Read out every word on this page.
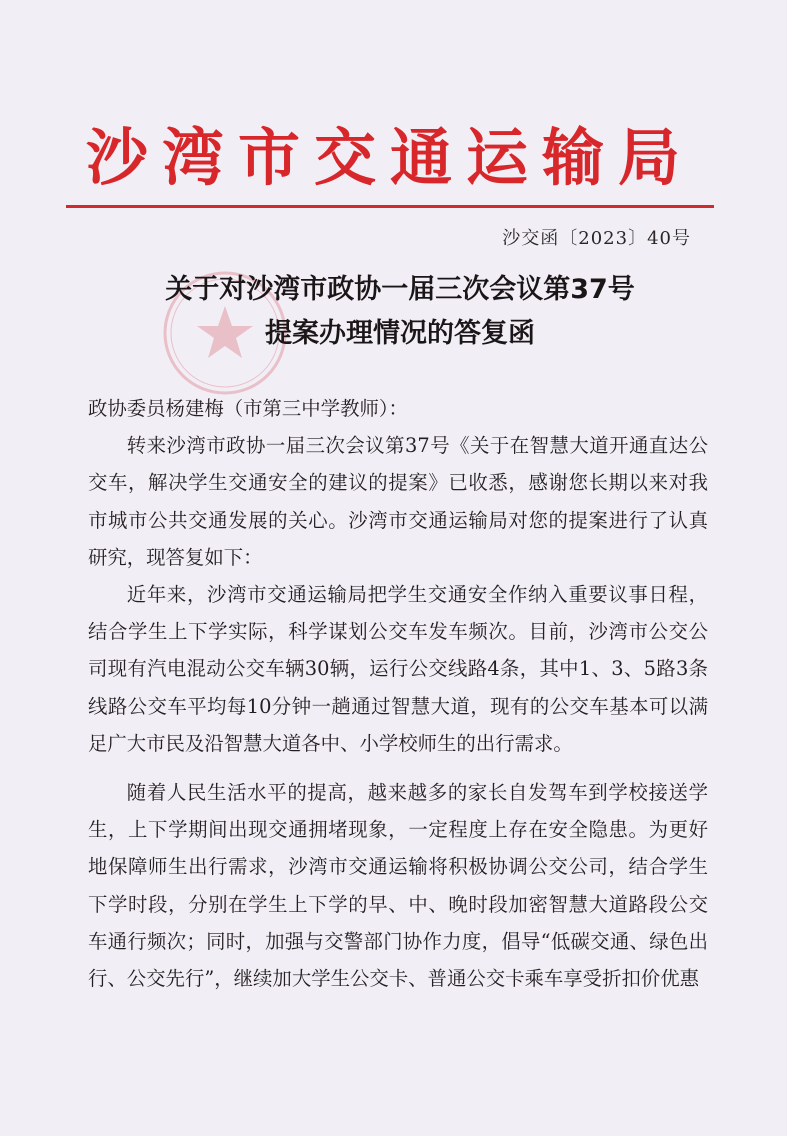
沙湾市交通运输局
沙交函〔2023〕40号
关于对沙湾市政协一届三次会议第37号
提案办理情况的答复函

政协委员杨建梅（市第三中学教师）：

转来沙湾市政协一届三次会议第37号《关于在智慧大道开通直达公交车，解决学生交通安全的建议的提案》已收悉，感谢您长期以来对我市城市公共交通发展的关心。沙湾市交通运输局对您的提案进行了认真研究，现答复如下：

近年来，沙湾市交通运输局把学生交通安全作纳入重要议事日程，结合学生上下学实际，科学谋划公交车发车频次。目前，沙湾市公交公司现有汽电混动公交车辆30辆，运行公交线路4条，其中1、3、5路3条线路公交车平均每10分钟一趟通过智慧大道，现有的公交车基本可以满足广大市民及沿智慧大道各中、小学校师生的出行需求。

随着人民生活水平的提高，越来越多的家长自发驾车到学校接送学生，上下学期间出现交通拥堵现象，一定程度上存在安全隐患。为更好地保障师生出行需求，沙湾市交通运输将积极协调公交公司，结合学生下学时段，分别在学生上下学的早、中、晚时段加密智慧大道路段公交车通行频次；同时，加强与交警部门协作力度，倡导“低碳交通、绿色出行、公交先行”，继续加大学生公交卡、普通公交卡乘车享受折扣价优惠
